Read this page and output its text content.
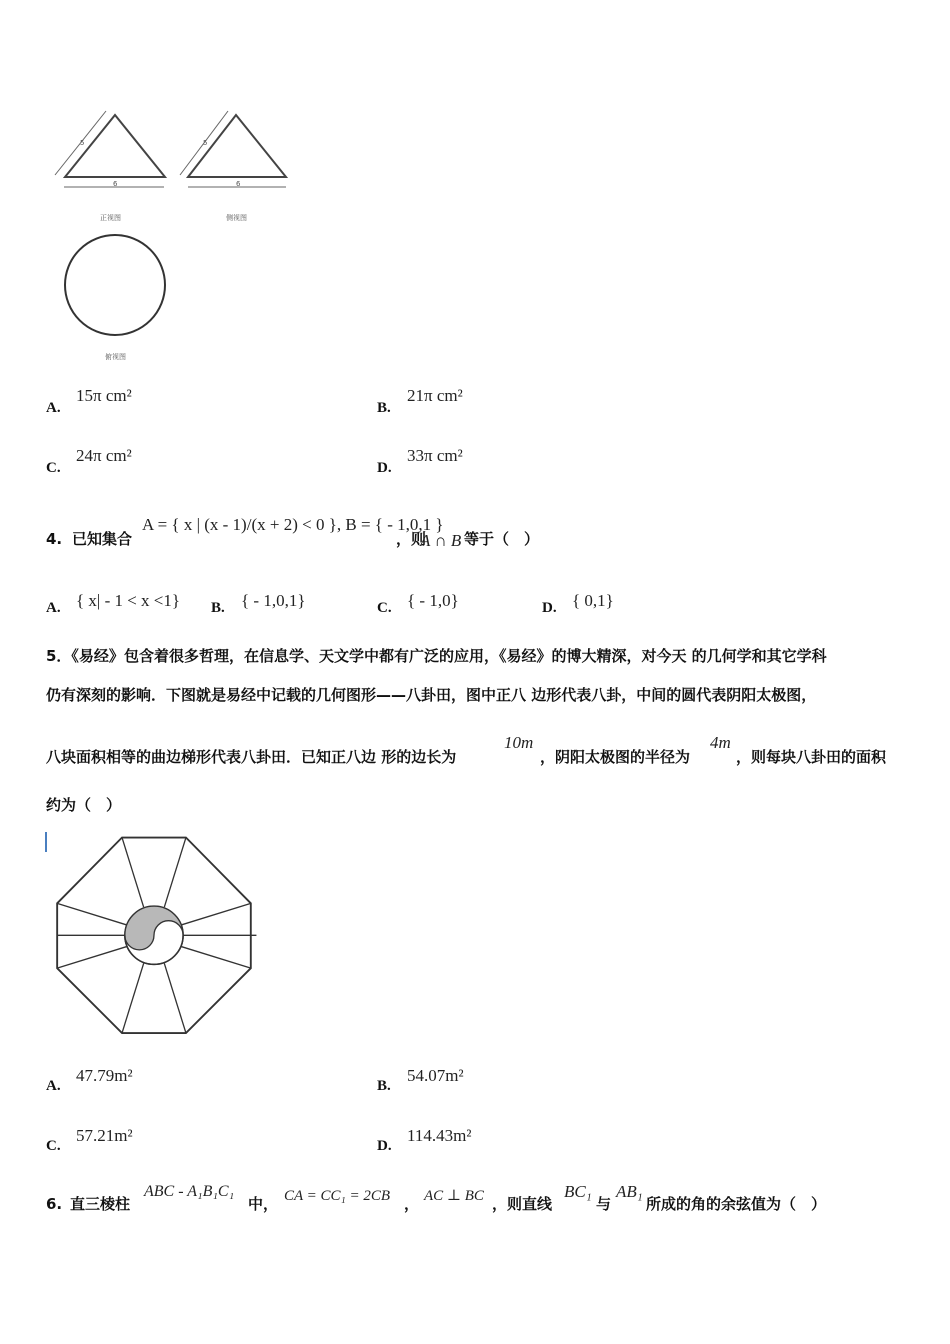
5
6
正视图
5
6
侧视图
俯视图
A.
15π cm²
B.
21π cm²
C.
24π cm²
D.
33π cm²
4. 已知集合
A = { x | (x - 1)/(x + 2) < 0 }, B = { - 1,0,1 }
，则
A ∩ B 等于（　）
A. { x| - 1 < x <1} B. { - 1,0,1}	C. { - 1,0}	D. { 0,1}
5．《易经》包含着很多哲理，在信息学、天文学中都有广泛的应用，《易经》的博大精深，对今天 的几何学和其它学科
仍有深刻的影响．下图就是易经中记载的几何图形——八卦田，图中正八 边形代表八卦，中间的圆代表阴阳太极图，
八块面积相等的曲边梯形代表八卦田．已知正八边 形的边长为
10m
，阴阳太极图的半径为
4m
，则每块八卦田的面积
约为（　）
A.
47.79m²
B.
54.07m²
C.
57.21m²
D.
114.43m²
6. 直三棱柱
ABC - A₁B₁C₁
中， CA = CC₁ = 2CB ， AC ⊥ BC ，则直线
BC₁
与
AB₁
所成的角的余弦值为（　）
